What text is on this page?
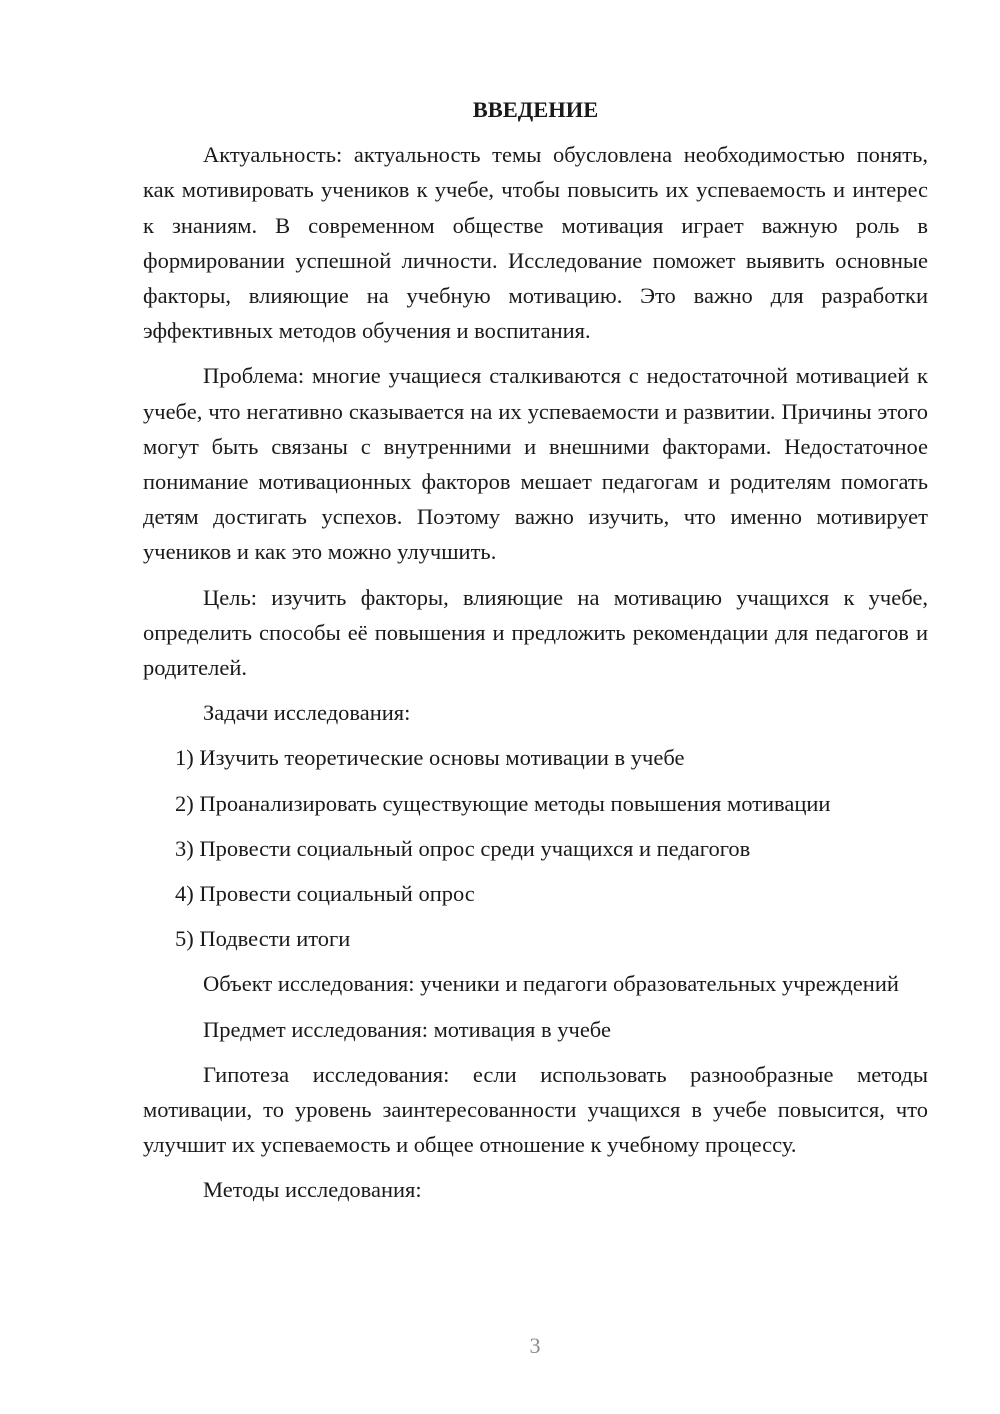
ВВЕДЕНИЕ

Актуальность: актуальность темы обусловлена необходимостью понять, как мотивировать учеников к учебе, чтобы повысить их успеваемость и интерес к знаниям. В современном обществе мотивация играет важную роль в формировании успешной личности. Исследование поможет выявить основные факторы, влияющие на учебную мотивацию. Это важно для разработки эффективных методов обучения и воспитания.

Проблема: многие учащиеся сталкиваются с недостаточной мотивацией к учебе, что негативно сказывается на их успеваемости и развитии. Причины этого могут быть связаны с внутренними и внешними факторами. Недостаточное понимание мотивационных факторов мешает педагогам и родителям помогать детям достигать успехов. Поэтому важно изучить, что именно мотивирует учеников и как это можно улучшить.

Цель: изучить факторы, влияющие на мотивацию учащихся к учебе, определить способы её повышения и предложить рекомендации для педагогов и родителей.

Задачи исследования:

1) Изучить теоретические основы мотивации в учебе

2) Проанализировать существующие методы повышения мотивации

3) Провести социальный опрос среди учащихся и педагогов

4) Провести социальный опрос

5) Подвести итоги

Объект исследования: ученики и педагоги образовательных учреждений

Предмет исследования: мотивация в учебе

Гипотеза исследования: если использовать разнообразные методы мотивации, то уровень заинтересованности учащихся в учебе повысится, что улучшит их успеваемость и общее отношение к учебному процессу.

Методы исследования:

3
